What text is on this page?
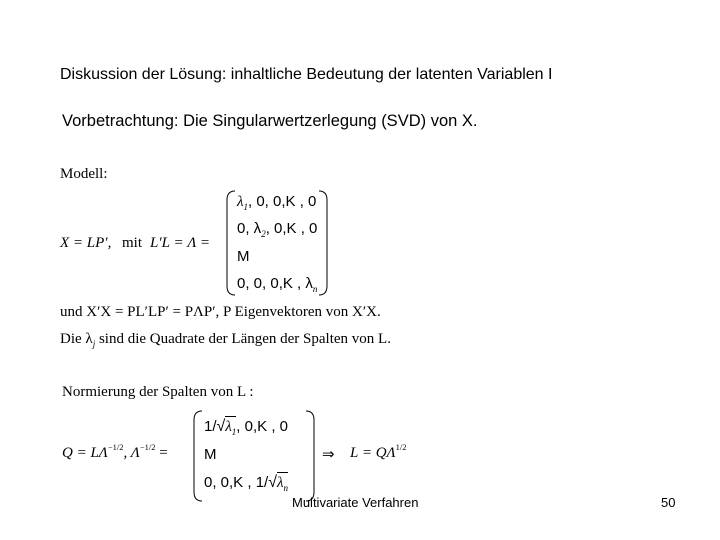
Diskussion der Lösung: inhaltliche Bedeutung der latenten Variablen I
Vorbetrachtung: Die Singularwertzerlegung (SVD) von X.
Modell:
X = LP′, mit L′L = Λ =
$\lambda_1$, 0, 0,K , 0
0, $\lambda_2$, 0,K , 0
M
0, 0, 0,K , $\lambda_n$
und X′X = PL′LP′ = PΛP′, P Eigenvektoren von X′X.
Die $\lambda_j$ sind die Quadrate der Längen der Spalten von L.
Normierung der Spalten von L :
$Q = L\Lambda^{-1/2}$, $\Lambda^{-1/2}$ =
$1/√\lambda_1$, 0,K , 0
M
0, 0,K , $1/√\lambda_n$
⇒ $L = Q\Lambda^{1/2}$
Multivariate Verfahren	50
